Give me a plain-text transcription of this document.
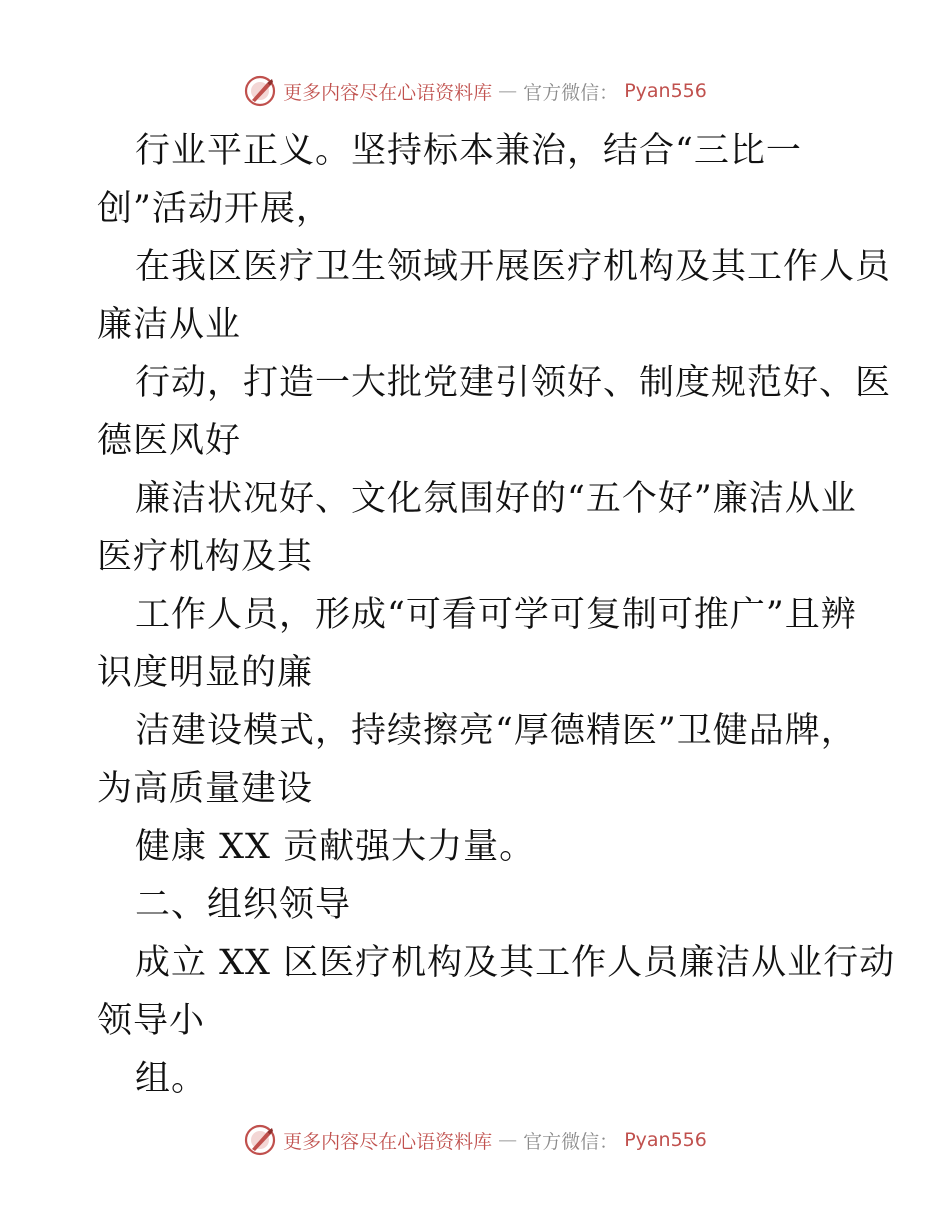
更多内容尽在心语资料库 — 官方微信： Pyan556

行业平正义。坚持标本兼治，结合“三比一

创”活动开展，

在我区医疗卫生领域开展医疗机构及其工作人员

廉洁从业

行动，打造一大批党建引领好、制度规范好、医

德医风好

廉洁状况好、文化氛围好的“五个好”廉洁从业

医疗机构及其

工作人员，形成“可看可学可复制可推广”且辨

识度明显的廉

洁建设模式，持续擦亮“厚德精医”卫健品牌，

为高质量建设

健康 XX 贡献强大力量。

二、组织领导

成立 XX 区医疗机构及其工作人员廉洁从业行动

领导小

组。

更多内容尽在心语资料库 — 官方微信： Pyan556
